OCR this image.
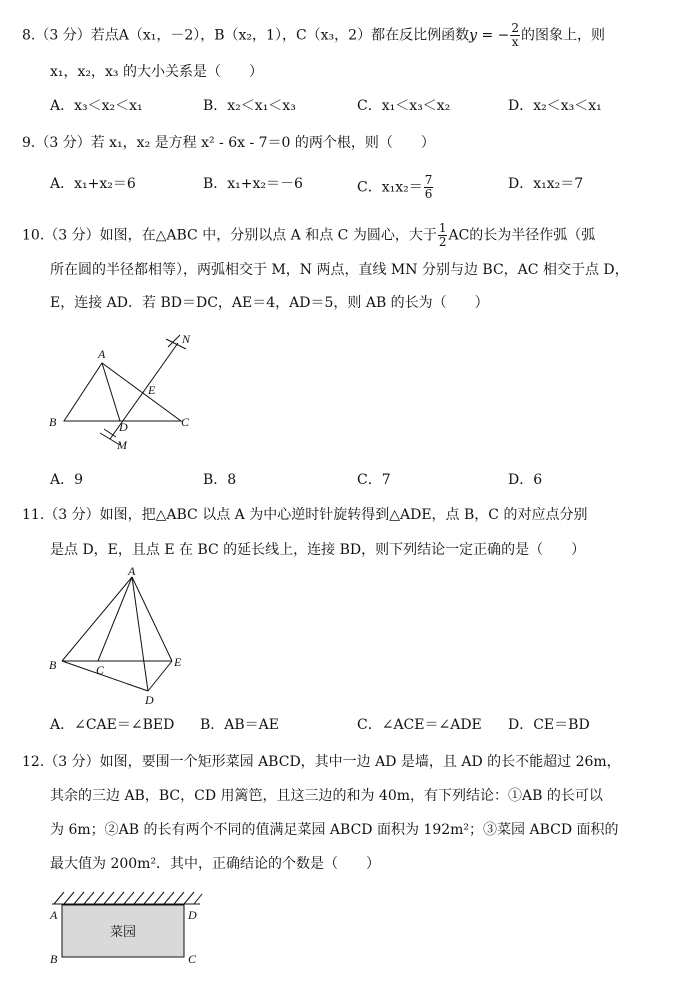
8.（3 分）若点A（x₁，－2），B（x₂，1），C（x₃，2）都在反比例函数y = − $\frac{2}{x}$ 的图象上，则
x₁，x₂，x₃ 的大小关系是（　　）
A．x₃＜x₂＜x₁	B．x₂＜x₁＜x₃	C．x₁＜x₃＜x₂	D．x₂＜x₃＜x₁
9.（3 分）若 x₁，x₂ 是方程 x² - 6x - 7＝0 的两个根，则（　　）
A．x₁+x₂＝6	B．x₁+x₂＝－6	C．$x_1x_2= \frac{7}{6}$	D．x₁x₂＝7
10.（3 分）如图，在△ABC 中，分别以点 A 和点 C 为圆心，大于 $\frac{1}{2}$ AC的长为半径作弧（弧
所在圆的半径都相等），两弧相交于 M，N 两点，直线 MN 分别与边 BC，AC 相交于点 D，
E，连接 AD．若 BD＝DC，AE＝4，AD＝5，则 AB 的长为（　　）
A
B	C
D
E
M
N
A．9	B．8	C．7	D．6
11.（3 分）如图，把△ABC 以点 A 为中心逆时针旋转得到△ADE，点 B，C 的对应点分别
是点 D，E，且点 E 在 BC 的延长线上，连接 BD，则下列结论一定正确的是（　　）
A
B	C
E
D
A．∠CAE＝∠BED B．AB＝AE	C．∠ACE＝∠ADE D．CE＝BD
12.（3 分）如图，要围一个矩形菜园 ABCD，其中一边 AD 是墙，且 AD 的长不能超过 26m，
其余的三边 AB，BC，CD 用篱笆，且这三边的和为 40m，有下列结论：①AB 的长可以
为 6m；②AB 的长有两个不同的值满足菜园 ABCD 面积为 192m²；③菜园 ABCD 面积的
最大值为 200m²．其中，正确结论的个数是（　　）
菜园
A	D
B	C
